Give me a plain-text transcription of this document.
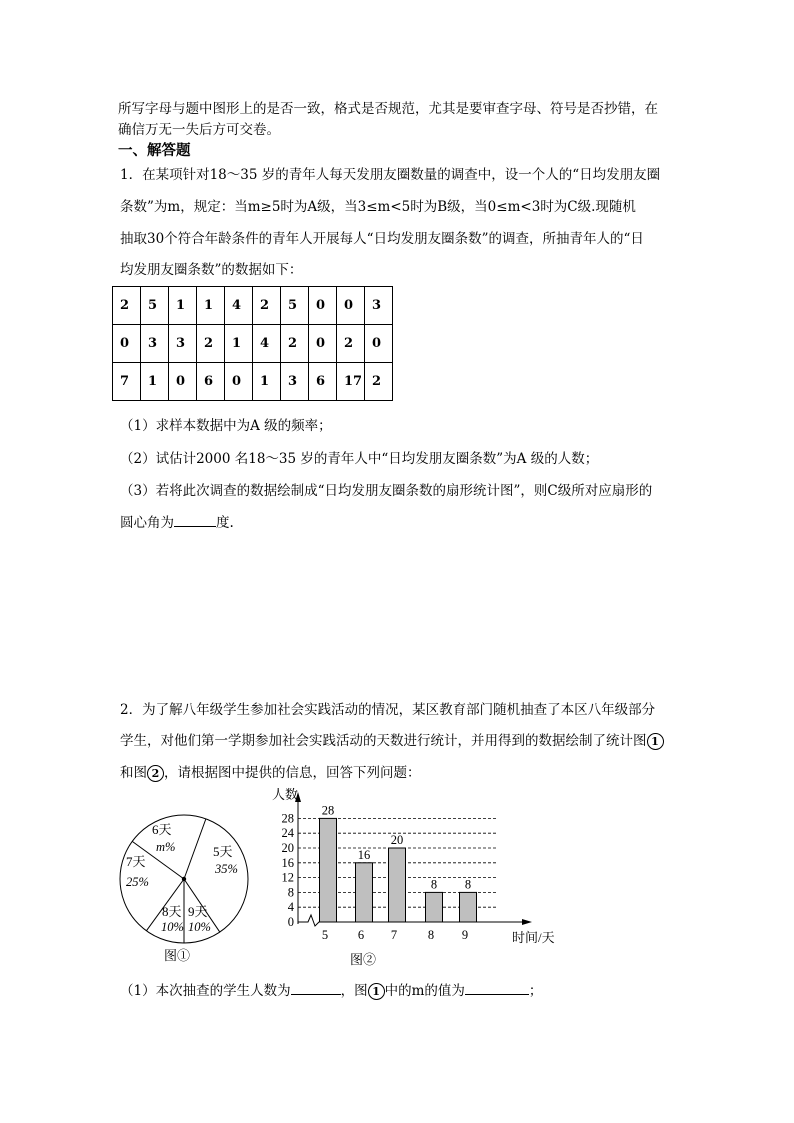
所写字母与题中图形上的是否一致，格式是否规范，尤其是要审查字母、符号是否抄错，在
确信万无一失后方可交卷。
一、解答题
1．在某项针对18～35 岁的青年人每天发朋友圈数量的调查中，设一个人的“日均发朋友圈
条数”为m，规定：当m≥5时为A级，当3≤m<5时为B级，当0≤m<3时为C级.现随机
抽取30个符合年龄条件的青年人开展每人“日均发朋友圈条数”的调查，所抽青年人的“日
均发朋友圈条数”的数据如下：
2	5	1	1	4	2	5	0	0	3
0	3	3	2	1	4	2	0	2	0
7	1	0	6	0	1	3	6	17	2
（1）求样本数据中为A 级的频率；
（2）试估计2000 名18～35 岁的青年人中“日均发朋友圈条数”为A 级的人数；
（3）若将此次调查的数据绘制成“日均发朋友圈条数的扇形统计图”，则C级所对应扇形的
圆心角为	度.
2．为了解八年级学生参加社会实践活动的情况，某区教育部门随机抽查了本区八年级部分
学生，对他们第一学期参加社会实践活动的天数进行统计，并用得到的数据绘制了统计图 1
和图 2 ，请根据图中提供的信息，回答下列问题：
5天
35%
9天
10%
8天
10%
7天
25%
6天
m%
图①
人数
时间/天
0
4
8
12
16
20
24
28
28
5
16
6
20
7
8
8
8
9
图②
（1）本次抽查的学生人数为	，图 1 中的m的值为	；
